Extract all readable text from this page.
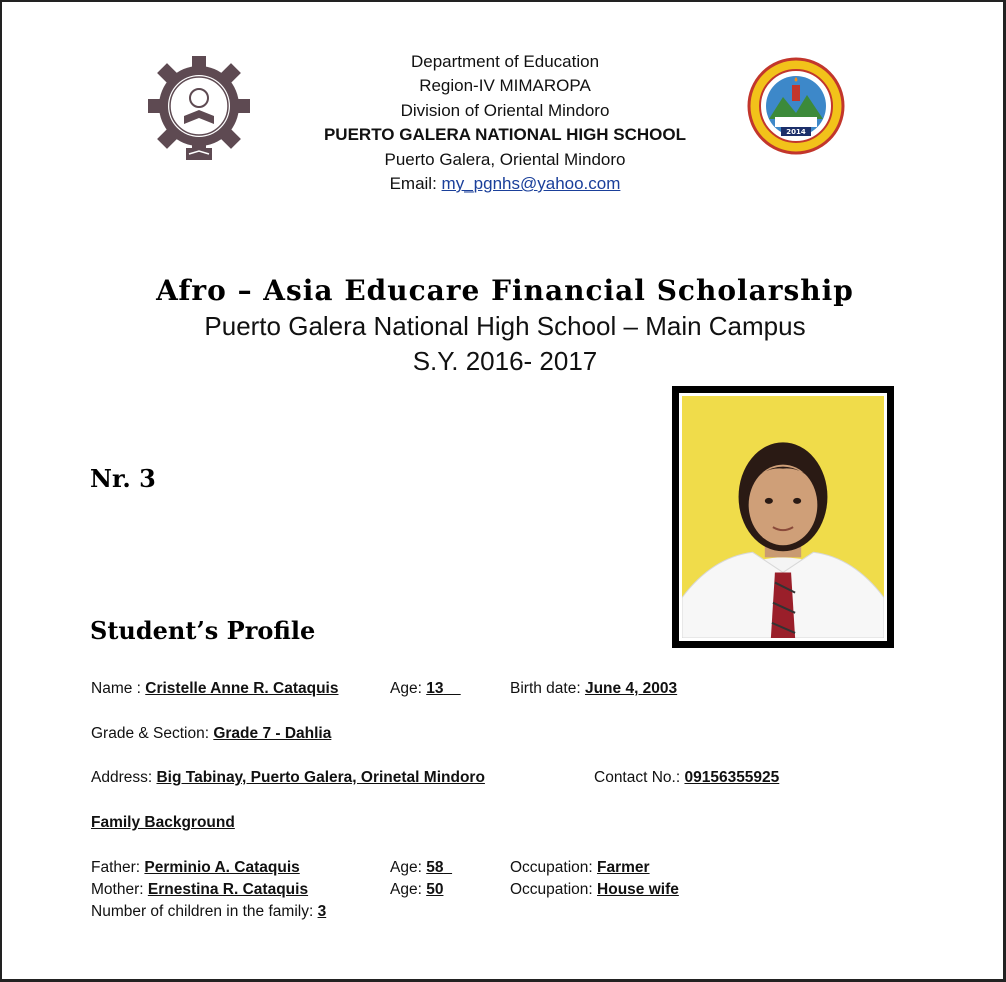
2014
Department of Education
Region-IV MIMAROPA
Division of Oriental Mindoro
PUERTO GALERA NATIONAL HIGH SCHOOL
Puerto Galera, Oriental Mindoro
Email: my_pgnhs@yahoo.com
Afro – Asia Educare Financial Scholarship
Puerto Galera National High School – Main Campus
S.Y. 2016- 2017
Nr. 3
Student’s Profile
Name : Cristelle Anne R. Cataquis	Age: 13	Birth date: June 4, 2003
Grade & Section: Grade 7 - Dahlia
Address: Big Tabinay, Puerto Galera, Orinetal Mindoro	Contact No.: 09156355925
Family Background
Father: Perminio A. Cataquis	Age: 58	Occupation: Farmer
Mother: Ernestina R. Cataquis	Age: 50	Occupation: House wife
Number of children in the family: 3
